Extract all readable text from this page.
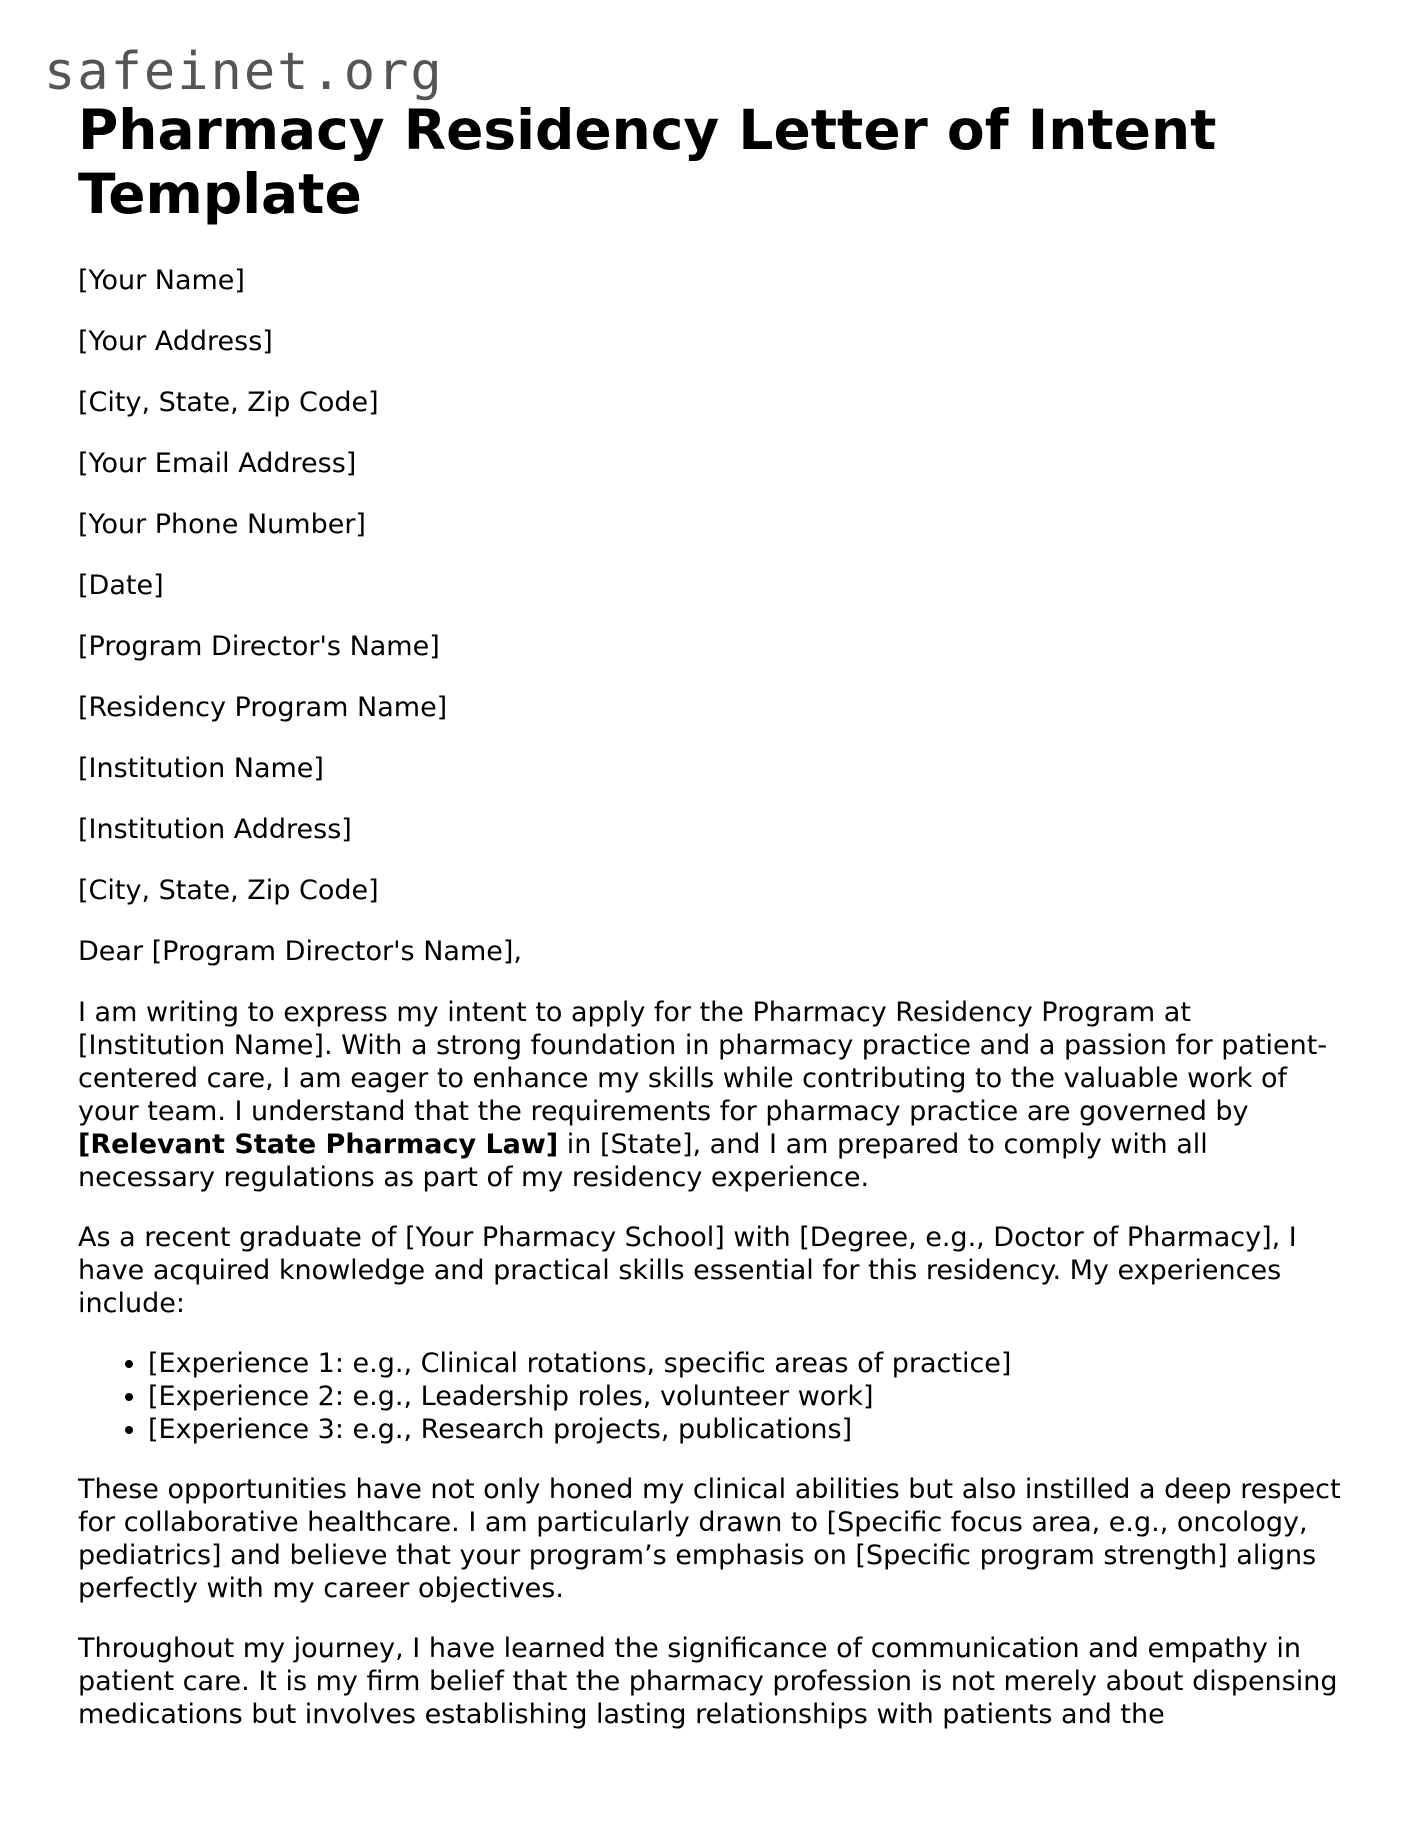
safeinet.org
Pharmacy Residency Letter of Intent Template
[Your Name]
[Your Address]
[City, State, Zip Code]
[Your Email Address]
[Your Phone Number]
[Date]
[Program Director's Name]
[Residency Program Name]
[Institution Name]
[Institution Address]
[City, State, Zip Code]
Dear [Program Director's Name],

I am writing to express my intent to apply for the Pharmacy Residency Program at [Institution Name]. With a strong foundation in pharmacy practice and a passion for patient-centered care, I am eager to enhance my skills while contributing to the valuable work of your team. I understand that the requirements for pharmacy practice are governed by [Relevant State Pharmacy Law] in [State], and I am prepared to comply with all necessary regulations as part of my residency experience.

As a recent graduate of [Your Pharmacy School] with [Degree, e.g., Doctor of Pharmacy], I have acquired knowledge and practical skills essential for this residency. My experiences include:

• [Experience 1: e.g., Clinical rotations, specific areas of practice]
• [Experience 2: e.g., Leadership roles, volunteer work]
• [Experience 3: e.g., Research projects, publications]

These opportunities have not only honed my clinical abilities but also instilled a deep respect for collaborative healthcare. I am particularly drawn to [Specific focus area, e.g., oncology, pediatrics] and believe that your program’s emphasis on [Specific program strength] aligns perfectly with my career objectives.

Throughout my journey, I have learned the significance of communication and empathy in patient care. It is my firm belief that the pharmacy profession is not merely about dispensing medications but involves establishing lasting relationships with patients and the
